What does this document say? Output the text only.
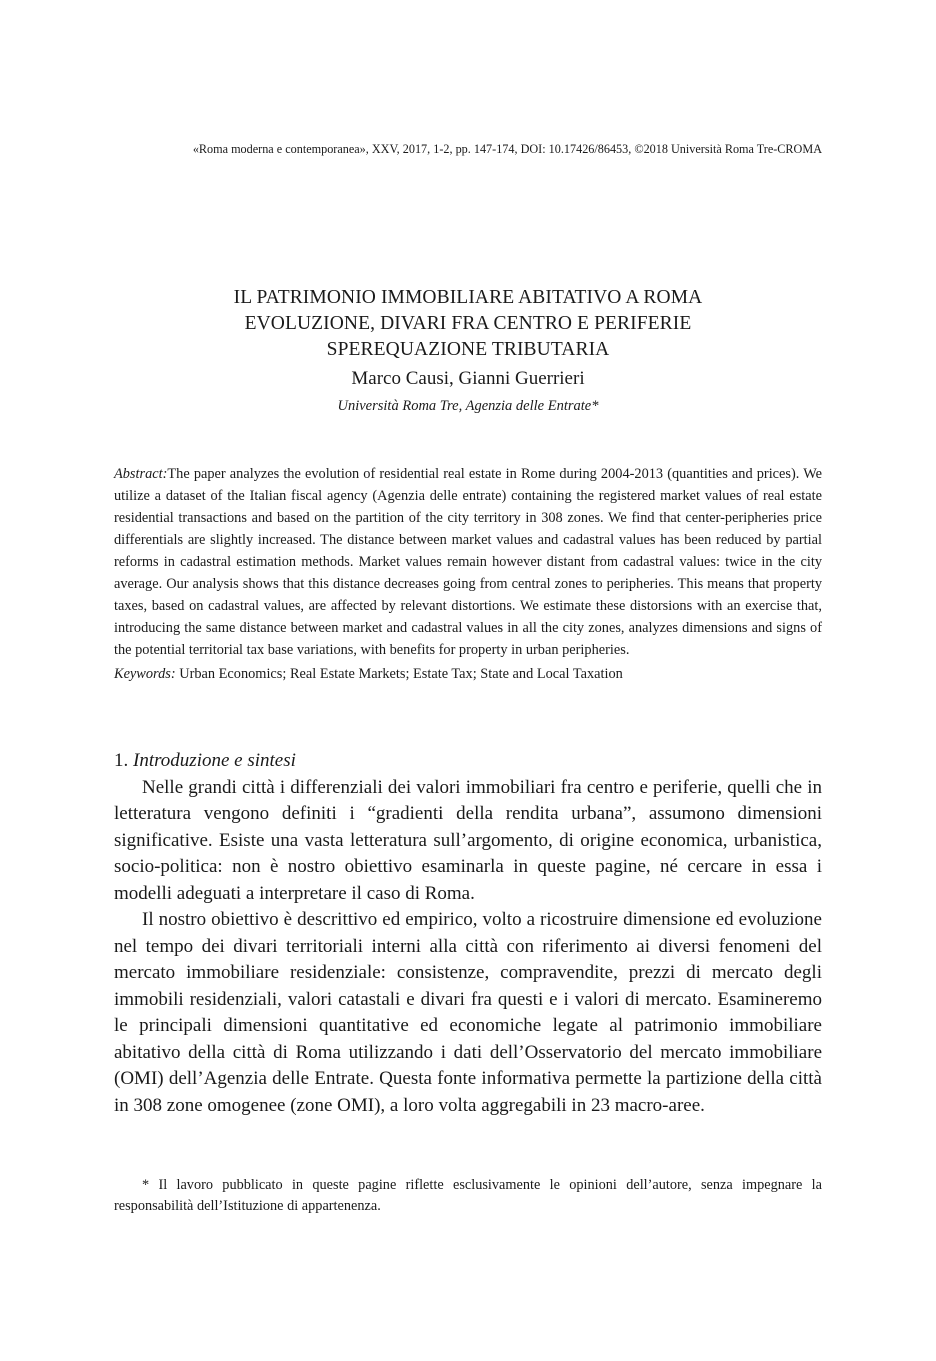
«Roma moderna e contemporanea», XXV, 2017, 1-2, pp. 147-174, DOI: 10.17426/86453, ©2018 Università Roma Tre-CROMA
IL PATRIMONIO IMMOBILIARE ABITATIVO A ROMA
EVOLUZIONE, DIVARI FRA CENTRO E PERIFERIE
SPEREQUAZIONE TRIBUTARIA
Marco Causi, Gianni Guerrieri
Università Roma Tre, Agenzia delle Entrate*

Abstract:The paper analyzes the evolution of residential real estate in Rome during 2004-2013 (quantities and prices). We utilize a dataset of the Italian fiscal agency (Agenzia delle entrate) containing the registered market values of real estate residential transactions and based on the partition of the city territory in 308 zones. We find that center-peripheries price differentials are slightly increased. The distance between market values and cadastral values has been reduced by partial reforms in cadastral estimation methods. Market values remain however distant from cadastral values: twice in the city average. Our analysis shows that this distance decreases going from central zones to peripheries. This means that property taxes, based on cadastral values, are affected by relevant distortions. We estimate these distorsions with an exercise that, introducing the same distance between market and cadastral values in all the city zones, analyzes dimensions and signs of the potential territorial tax base variations, with benefits for property in urban peripheries.

Keywords: Urban Economics; Real Estate Markets; Estate Tax; State and Local Taxation

1. Introduzione e sintesi

Nelle grandi città i differenziali dei valori immobiliari fra centro e periferie, quelli che in letteratura vengono definiti i “gradienti della rendita urbana”, assumono dimensioni significative. Esiste una vasta letteratura sull’argomento, di origine economica, urbanistica, socio-politica: non è nostro obiettivo esaminarla in queste pagine, né cercare in essa i modelli adeguati a interpretare il caso di Roma.

Il nostro obiettivo è descrittivo ed empirico, volto a ricostruire dimensione ed evoluzione nel tempo dei divari territoriali interni alla città con riferimento ai diversi fenomeni del mercato immobiliare residenziale: consistenze, compravendite, prezzi di mercato degli immobili residenziali, valori catastali e divari fra questi e i valori di mercato. Esamineremo le principali dimensioni quantitative ed economiche legate al patrimonio immobiliare abitativo della città di Roma utilizzando i dati dell’Osservatorio del mercato immobiliare (OMI) dell’Agenzia delle Entrate. Questa fonte informativa permette la partizione della città in 308 zone omogenee (zone OMI), a loro volta aggregabili in 23 macro-aree.

* Il lavoro pubblicato in queste pagine riflette esclusivamente le opinioni dell’autore, senza impegnare la responsabilità dell’Istituzione di appartenenza.
